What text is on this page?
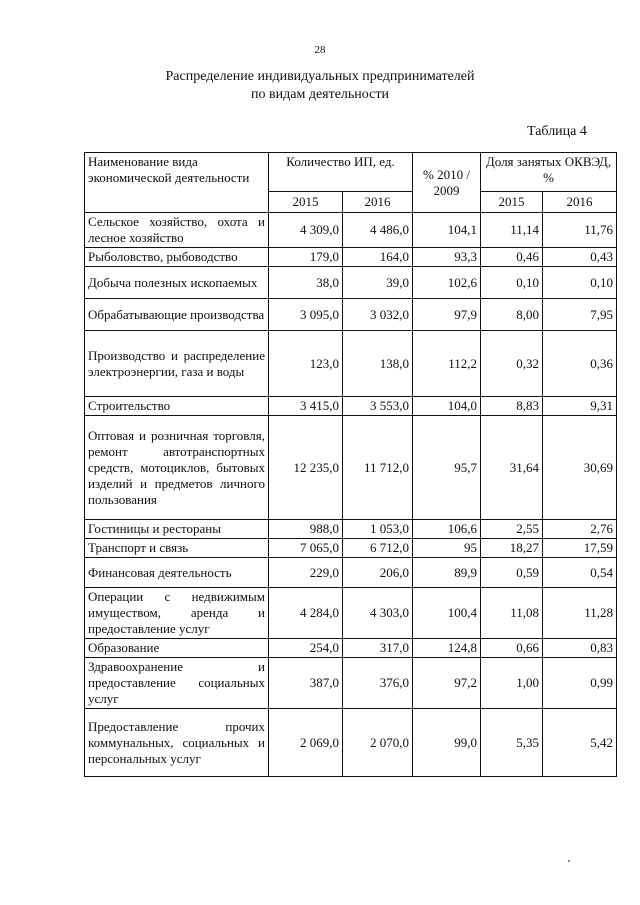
28
Распределение индивидуальных предпринимателей
по видам деятельности
Таблица 4
Наименование вида экономической деятельности	Количество ИП, ед.		% 2010 / 2009	Доля занятых ОКВЭД, %	
	2015	2016		2015	2016
Сельское хозяйство, охота и лесное хозяйство	4 309,0	4 486,0	104,1	11,14	11,76
Рыболовство, рыбоводство	179,0	164,0	93,3	0,46	0,43
Добыча полезных ископаемых	38,0	39,0	102,6	0,10	0,10
Обрабатывающие производства	3 095,0	3 032,0	97,9	8,00	7,95
Производство и распределение электроэнергии, газа и воды	123,0	138,0	112,2	0,32	0,36
Строительство	3 415,0	3 553,0	104,0	8,83	9,31
Оптовая и розничная торговля, ремонт автотранспортных средств, мотоциклов, бытовых изделий и предметов личного пользования	12 235,0	11 712,0	95,7	31,64	30,69
Гостиницы и рестораны	988,0	1 053,0	106,6	2,55	2,76
Транспорт и связь	7 065,0	6 712,0	95	18,27	17,59
Финансовая деятельность	229,0	206,0	89,9	0,59	0,54
Операции с недвижимым имуществом, аренда и предоставление услуг	4 284,0	4 303,0	100,4	11,08	11,28
Образование	254,0	317,0	124,8	0,66	0,83
Здравоохранение и предоставление социальных услуг	387,0	376,0	97,2	1,00	0,99
Предоставление прочих коммунальных, социальных и персональных услуг	2 069,0	2 070,0	99,0	5,35	5,42
